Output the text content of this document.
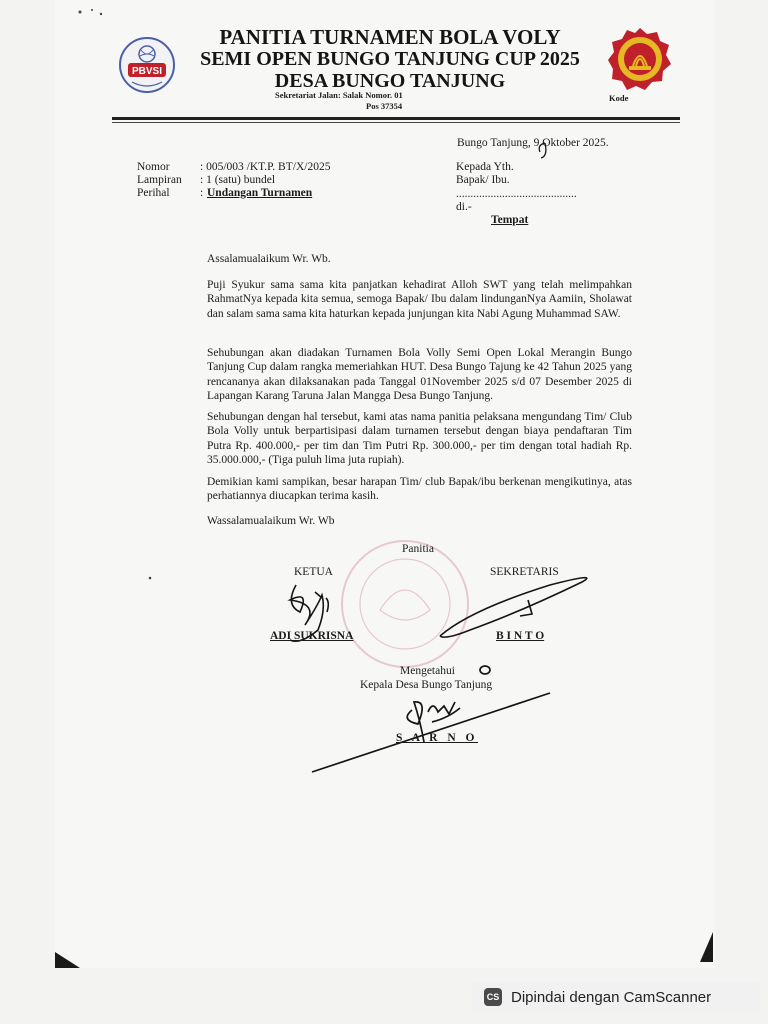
PBVSI
PANITIA TURNAMEN BOLA VOLY
SEMI OPEN BUNGO TANJUNG CUP 2025
DESA BUNGO TANJUNG
Sekretariat Jalan: Salak Nomor. 01
Pos 37354
Kode
Bungo Tanjung, 9 Oktober 2025.
Nomor	: 005/003 /KT.P. BT/X/2025
Lampiran : 1 (satu) bundel
Perihal	: Undangan Turnamen
Kepada Yth.
Bapak/ Ibu.
..........................................
di.-
Tempat
Assalamualaikum Wr. Wb.
Puji Syukur sama sama kita panjatkan kehadirat Alloh SWT yang telah melimpahkan RahmatNya kepada kita semua, semoga Bapak/ Ibu dalam lindunganNya Aamiin, Sholawat dan salam sama sama kita haturkan kepada junjungan kita Nabi Agung Muhammad SAW.
Sehubungan akan diadakan Turnamen Bola Volly Semi Open Lokal Merangin Bungo Tanjung Cup dalam rangka memeriahkan HUT. Desa Bungo Tajung ke 42 Tahun 2025 yang rencananya akan dilaksanakan pada Tanggal 01November 2025 s/d 07 Desember 2025 di Lapangan Karang Taruna Jalan Mangga Desa Bungo Tanjung.
Sehubungan dengan hal tersebut, kami atas nama panitia pelaksana mengundang Tim/ Club Bola Volly untuk berpartisipasi dalam turnamen tersebut dengan biaya pendaftaran Tim Putra Rp. 400.000,- per tim dan Tim Putri Rp. 300.000,- per tim dengan total hadiah Rp. 35.000.000,- (Tiga puluh lima juta rupiah).
Demikian kami sampikan, besar harapan Tim/ club Bapak/ibu berkenan mengikutinya, atas perhatiannya diucapkan terima kasih.
Wassalamualaikum Wr. Wb
Panitia
KETUA	SEKRETARIS
ADI SUKRISNA	B I N T O
Mengetahui
Kepala Desa Bungo Tanjung
S A R N O
CS Dipindai dengan CamScanner
